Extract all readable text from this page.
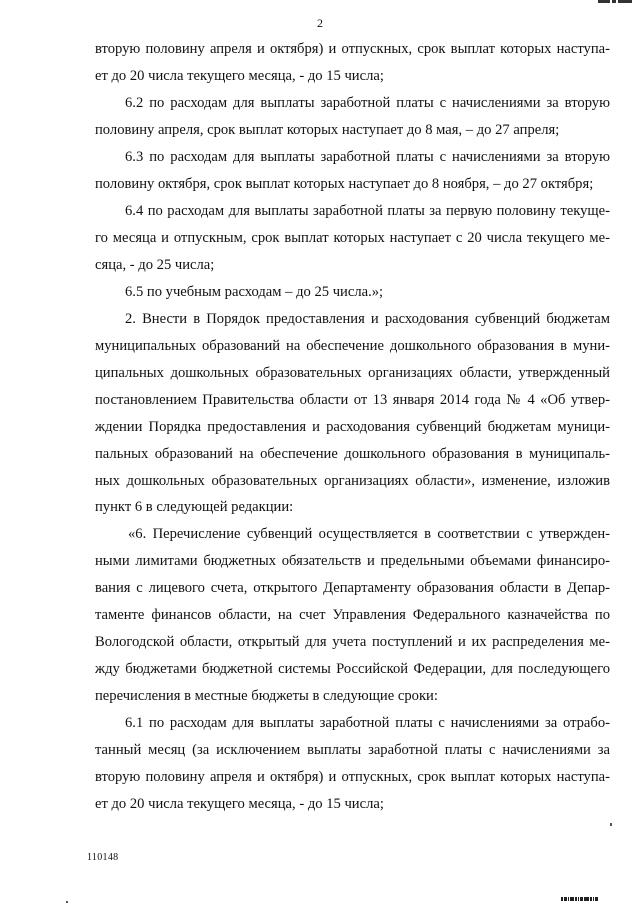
2
вторую половину апреля и октября) и отпускных, срок выплат которых наступа-
ет до 20 числа текущего месяца, - до 15 числа;
6.2 по расходам для выплаты заработной платы с начислениями за вторую
половину апреля, срок выплат которых наступает до 8 мая, – до 27 апреля;
6.3 по расходам для выплаты заработной платы с начислениями за вторую
половину октября, срок выплат которых наступает до 8 ноября, – до 27 октября;
6.4 по расходам для выплаты заработной платы за первую половину текуще-
го месяца и отпускным, срок выплат которых наступает с 20 числа текущего ме-
сяца, - до 25 числа;
6.5 по учебным расходам – до 25 числа.»;
2. Внести в Порядок предоставления и расходования субвенций бюджетам
муниципальных образований на обеспечение дошкольного образования в муни-
ципальных дошкольных образовательных организациях области, утвержденный
постановлением Правительства области от 13 января 2014 года № 4 «Об утвер-
ждении Порядка предоставления и расходования субвенций бюджетам муници-
пальных образований на обеспечение дошкольного образования в муниципаль-
ных дошкольных образовательных организациях области», изменение, изложив
пункт 6 в следующей редакции:
«6. Перечисление субвенций осуществляется в соответствии с утвержден-
ными лимитами бюджетных обязательств и предельными объемами финансиро-
вания с лицевого счета, открытого Департаменту образования области в Депар-
таменте финансов области, на счет Управления Федерального казначейства по
Вологодской области, открытый для учета поступлений и их распределения ме-
жду бюджетами бюджетной системы Российской Федерации, для последующего
перечисления в местные бюджеты в следующие сроки:
6.1 по расходам для выплаты заработной платы с начислениями за отрабо-
танный месяц (за исключением выплаты заработной платы с начислениями за
вторую половину апреля и октября) и отпускных, срок выплат которых наступа-
ет до 20 числа текущего месяца, - до 15 числа;
110148
